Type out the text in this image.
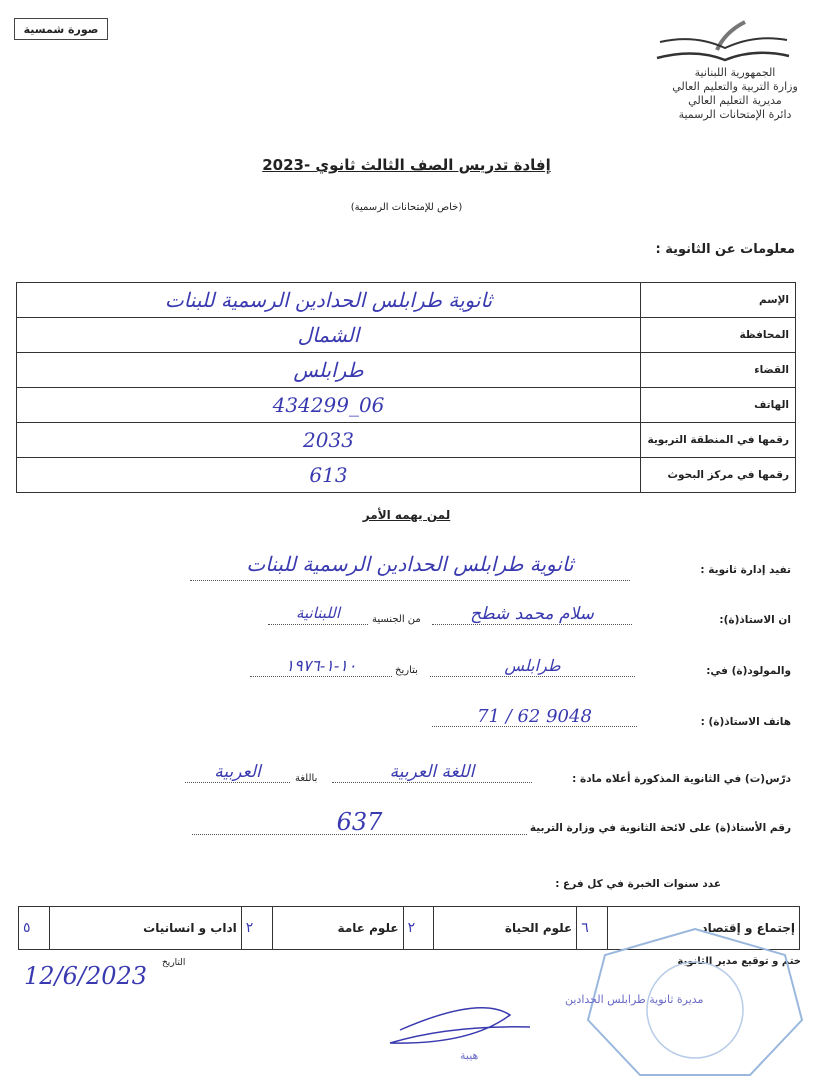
صورة شمسية
الجمهورية اللبنانية
وزارة التربية والتعليم العالي
مديرية التعليم العالي
دائرة الإمتحانات الرسمية
إفادة تدريس الصف الثالث ثانوي -2023
(خاص للإمتحانات الرسمية)
معلومات عن الثانوية :
الإسم	ثانوية طرابلس الحدادين الرسمية للبنات
المحافظة	الشمال
القضاء	طرابلس
الهاتف	06_434299
رقمها في المنطقة التربوية	2033
رقمها في مركز البحوث	613
لمن يهمه الأمر
تفيد إدارة ثانوية :
ثانوية طرابلس الحدادين الرسمية للبنات
ان الاستاذ(ة):
سلام محمد شطح
من الجنسية
اللبنانية
والمولود(ة) في:
طرابلس
بتاريخ
١٠-١-١٩٧٦
هاتف الاستاذ(ة) :
71 / 62 9048
درّس(ت) في الثانوية المذكورة أعلاه مادة :
اللغة العربية
باللغة
العربية
رقم الأستاذ(ة) على لائحة الثانوية في وزارة التربية
637
عدد سنوات الخبرة في كل فرع :
إجتماع و إقتصاد	٦	علوم الحياة	٢	علوم عامة	٢	اداب و انسانيات	٥
ختم و توقيع مدير الثانوية
التاريخ
12/6/2023
مديرة ثانوية طرابلس الحدادين
هيبة
